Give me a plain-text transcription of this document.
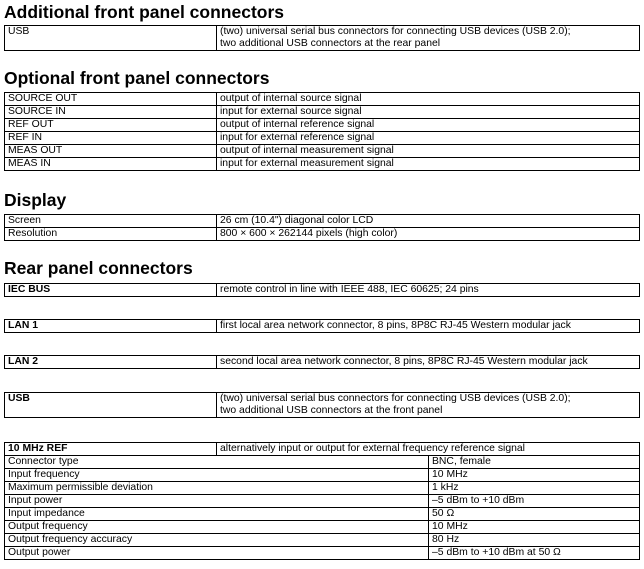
Additional front panel connectors
USB	(two) universal serial bus connectors for connecting USB devices (USB 2.0);
two additional USB connectors at the rear panel
Optional front panel connectors
SOURCE OUT	output of internal source signal
SOURCE IN	input for external source signal
REF OUT	output of internal reference signal
REF IN	input for external reference signal
MEAS OUT	output of internal measurement signal
MEAS IN	input for external measurement signal
Display
Screen	26 cm (10.4") diagonal color LCD
Resolution	800 × 600 × 262144 pixels (high color)
Rear panel connectors
IEC BUS	remote control in line with IEEE 488, IEC 60625; 24 pins
LAN 1	first local area network connector, 8 pins, 8P8C RJ-45 Western modular jack
LAN 2	second local area network connector, 8 pins, 8P8C RJ-45 Western modular jack
USB	(two) universal serial bus connectors for connecting USB devices (USB 2.0);
two additional USB connectors at the front panel
10 MHz REF	alternatively input or output for external frequency reference signal	
Connector type		BNC, female
Input frequency		10 MHz
Maximum permissible deviation		1 kHz
Input power		–5 dBm to +10 dBm
Input impedance		50 Ω
Output frequency		10 MHz
Output frequency accuracy		80 Hz
Output power		–5 dBm to +10 dBm at 50 Ω
